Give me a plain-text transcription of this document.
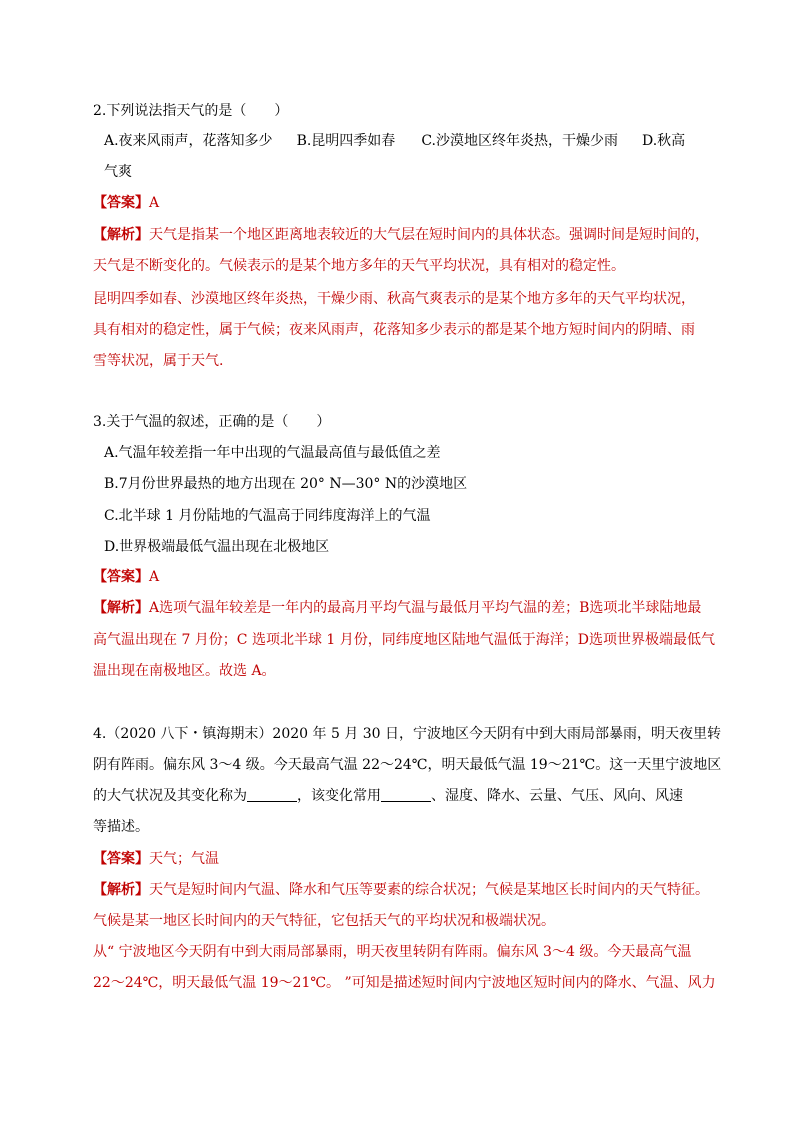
2.下列说法指天气的是（　　）
A.夜来风雨声，花落知多少 B.昆明四季如春 C.沙漠地区终年炎热，干燥少雨 D.秋高
气爽
【答案】A
【解析】天气是指某一个地区距离地表较近的大气层在短时间内的具体状态。强调时间是短时间的，
天气是不断变化的。气候表示的是某个地方多年的天气平均状况，具有相对的稳定性。
昆明四季如春、沙漠地区终年炎热，干燥少雨、秋高气爽表示的是某个地方多年的天气平均状况，
具有相对的稳定性，属于气候；夜来风雨声，花落知多少表示的都是某个地方短时间内的阴晴、雨
雪等状况，属于天气.
3.关于气温的叙述，正确的是（　　）
A.气温年较差指一年中出现的气温最高值与最低值之差
B.7月份世界最热的地方出现在 20° N—30° N的沙漠地区
C.北半球 1 月份陆地的气温高于同纬度海洋上的气温
D.世界极端最低气温出现在北极地区
【答案】A
【解析】A选项气温年较差是一年内的最高月平均气温与最低月平均气温的差；B选项北半球陆地最
高气温出现在 7 月份；C 选项北半球 1 月份，同纬度地区陆地气温低于海洋；D选项世界极端最低气
温出现在南极地区。故选 A。
4.（2020 八下・镇海期末）2020 年 5 月 30 日，宁波地区今天阴有中到大雨局部暴雨，明天夜里转
阴有阵雨。偏东风 3～4 级。今天最高气温 22～24℃，明天最低气温 19～21℃。这一天里宁波地区
的大气状况及其变化称为	，该变化常用	、湿度、降水、云量、气压、风向、风速
等描述。
【答案】天气；气温
【解析】天气是短时间内气温、降水和气压等要素的综合状况；气候是某地区长时间内的天气特征。
气候是某一地区长时间内的天气特征，它包括天气的平均状况和极端状况。
从“ 宁波地区今天阴有中到大雨局部暴雨，明天夜里转阴有阵雨。偏东风 3～4 级。今天最高气温
22～24℃，明天最低气温 19～21℃。 ”可知是描述短时间内宁波地区短时间内的降水、气温、风力
